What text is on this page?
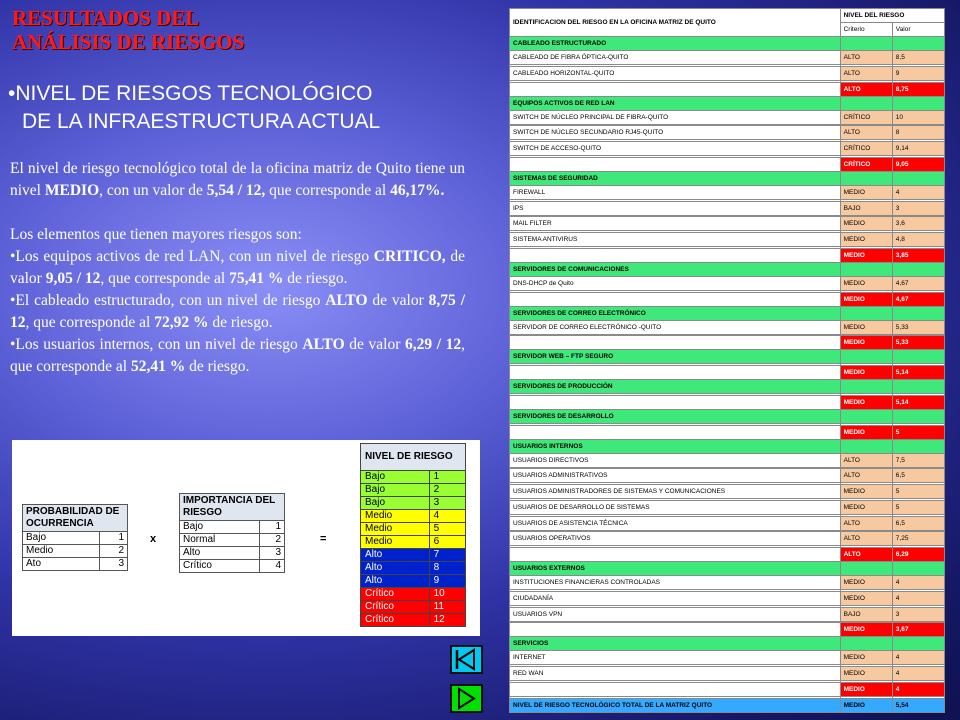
RESULTADOS DEL
ANÁLISIS DE RIESGOS
•NIVEL DE RIESGOS TECNOLÓGICO
DE LA INFRAESTRUCTURA ACTUAL

El nivel de riesgo tecnológico total de la oficina matriz de Quito tiene un nivel MEDIO, con un valor de 5,54 / 12, que corresponde al 46,17%.

Los elementos que tienen mayores riesgos son:

•Los equipos activos de red LAN, con un nivel de riesgo CRITICO, de valor 9,05 / 12, que corresponde al 75,41 % de riesgo.

•El cableado estructurado, con un nivel de riesgo ALTO de valor 8,75 / 12, que corresponde al 72,92 % de riesgo.

•Los usuarios internos, con un nivel de riesgo ALTO de valor 6,29 / 12, que corresponde al 52,41 % de riesgo.

PROBABILIDAD DE OCURRENCIA	
Bajo	1
Medio	2
Ato	3
x
IMPORTANCIA DEL RIESGO	
Bajo	1
Normal	2
Alto	3
Crítico	4
=
NIVEL DE RIESGO	
Bajo	1
Bajo	2
Bajo	3
Medio	4
Medio	5
Medio	6
Alto	7
Alto	8
Alto	9
Crítico	10
Crítico	11
Crítico	12
IDENTIFICACION DEL RIESGO EN LA OFICINA MATRIZ DE QUITO	NIVEL DEL RIESGO	
	Criterio	Valor
CABLEADO ESTRUCTURADO		
CABLEADO DE FIBRA ÓPTICA-QUITO	ALTO	8,5

CABLEADO HORIZONTAL-QUITO	ALTO	9

	ALTO	8,75
EQUIPOS ACTIVOS DE RED LAN		
SWITCH DE NÚCLEO PRINCIPAL DE FIBRA-QUITO	CRÍTICO	10

SWITCH DE NÚCLEO SECUNDARIO RJ45-QUITO	ALTO	8

SWITCH DE ACCESO-QUITO	CRÍTICO	9,14

	CRÍTICO	9,05
SISTEMAS DE SEGURIDAD		
FIREWALL	MEDIO	4

IPS	BAJO	3

MAIL FILTER	MEDIO	3,6

SISTEMA ANTIVIRUS	MEDIO	4,8

	MEDIO	3,85
SERVIDORES DE COMUNICACIONES		
DNS-DHCP de Quito	MEDIO	4,67

	MEDIO	4,67
SERVIDORES DE CORREO ELECTRÓNICO		
SERVIDOR DE CORREO ELECTRÓNICO -QUITO	MEDIO	5,33

	MEDIO	5,33
SERVIDOR WEB – FTP SEGURO		

	MEDIO	5,14
SERVIDORES DE PRODUCCIÓN		

	MEDIO	5,14
SERVIDORES DE DESARROLLO		

	MEDIO	5
USUARIOS INTERNOS		
USUARIOS DIRECTIVOS	ALTO	7,5

USUARIOS ADMINISTRATIVOS	ALTO	6,5

USUARIOS ADMINISTRADORES DE SISTEMAS Y COMUNICACIONES	MEDIO	5

USUARIOS DE DESARROLLO DE SISTEMAS	MEDIO	5

USUARIOS DE ASISTENCIA TÉCNICA	ALTO	6,5

USUARIOS OPERATIVOS	ALTO	7,25

	ALTO	6,29
USUARIOS EXTERNOS		
INSTITUCIONES FINANCIERAS CONTROLADAS	MEDIO	4

CIUDADANÍA	MEDIO	4

USUARIOS VPN	BAJO	3

	MEDIO	3,67
SERVICIOS		
INTERNET	MEDIO	4

RED WAN	MEDIO	4

	MEDIO	4

NIVEL DE RIESGO TECNOLÓGICO TOTAL DE LA MATRIZ QUITO	MEDIO	5,54
